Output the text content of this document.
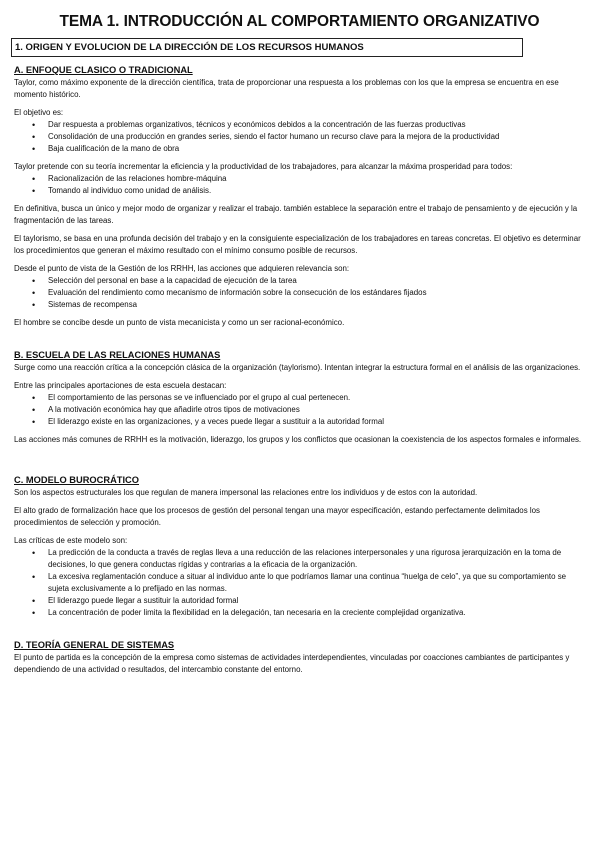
TEMA 1. INTRODUCCIÓN AL COMPORTAMIENTO ORGANIZATIVO
1. ORIGEN Y EVOLUCION DE LA DIRECCIÓN DE LOS RECURSOS HUMANOS
A. ENFOQUE CLASICO O TRADICIONAL

Taylor, como máximo exponente de la dirección científica, trata de proporcionar una respuesta a los problemas con los que la empresa se encuentra en ese momento histórico.

El objetivo es:
• Dar respuesta a problemas organizativos, técnicos y económicos debidos a la concentración de las fuerzas productivas
• Consolidación de una producción en grandes series, siendo el factor humano un recurso clave para la mejora de la productividad
• Baja cualificación de la mano de obra
Taylor pretende con su teoría incrementar la eficiencia y la productividad de los trabajadores, para alcanzar la máxima prosperidad para todos:
• Racionalización de las relaciones hombre-máquina
• Tomando al individuo como unidad de análisis.

En definitiva, busca un único y mejor modo de organizar y realizar el trabajo. también establece la separación entre el trabajo de pensamiento y de ejecución y la fragmentación de las tareas.

El taylorismo, se basa en una profunda decisión del trabajo y en la consiguiente especialización de los trabajadores en tareas concretas. El objetivo es determinar los procedimientos que generan el máximo resultado con el mínimo consumo posible de recursos.

Desde el punto de vista de la Gestión de los RRHH, las acciones que adquieren relevancia son:
• Selección del personal en base a la capacidad de ejecución de la tarea
• Evaluación del rendimiento como mecanismo de información sobre la consecución de los estándares fijados
• Sistemas de recompensa

El hombre se concibe desde un punto de vista mecanicista y como un ser racional-económico.

B. ESCUELA DE LAS RELACIONES HUMANAS

Surge como una reacción crítica a la concepción clásica de la organización (taylorismo). Intentan integrar la estructura formal en el análisis de las organizaciones.

Entre las principales aportaciones de esta escuela destacan:
• El comportamiento de las personas se ve influenciado por el grupo al cual pertenecen.
• A la motivación económica hay que añadirle otros tipos de motivaciones
• El liderazgo existe en las organizaciones, y a veces puede llegar a sustituir a la autoridad formal

Las acciones más comunes de RRHH es la motivación, liderazgo, los grupos y los conflictos que ocasionan la coexistencia de los aspectos formales e informales.

C. MODELO BUROCRÁTICO

Son los aspectos estructurales los que regulan de manera impersonal las relaciones entre los individuos y de estos con la autoridad.

El alto grado de formalización hace que los procesos de gestión del personal tengan una mayor especificación, estando perfectamente delimitados los procedimientos de selección y promoción.

Las críticas de este modelo son:
• La predicción de la conducta a través de reglas lleva a una reducción de las relaciones interpersonales y una rigurosa jerarquización en la toma de decisiones, lo que genera conductas rígidas y contrarias a la eficacia de la organización.
• La excesiva reglamentación conduce a situar al individuo ante lo que podríamos llamar una continua “huelga de celo”, ya que su comportamiento se sujeta exclusivamente a lo prefijado en las normas.
• El liderazgo puede llegar a sustituir la autoridad formal
• La concentración de poder limita la flexibilidad en la delegación, tan necesaria en la creciente complejidad organizativa.
D. TEORÍA GENERAL DE SISTEMAS

El punto de partida es la concepción de la empresa como sistemas de actividades interdependientes, vinculadas por coacciones cambiantes de participantes y dependiendo de una actividad o resultados, del intercambio constante del entorno.
